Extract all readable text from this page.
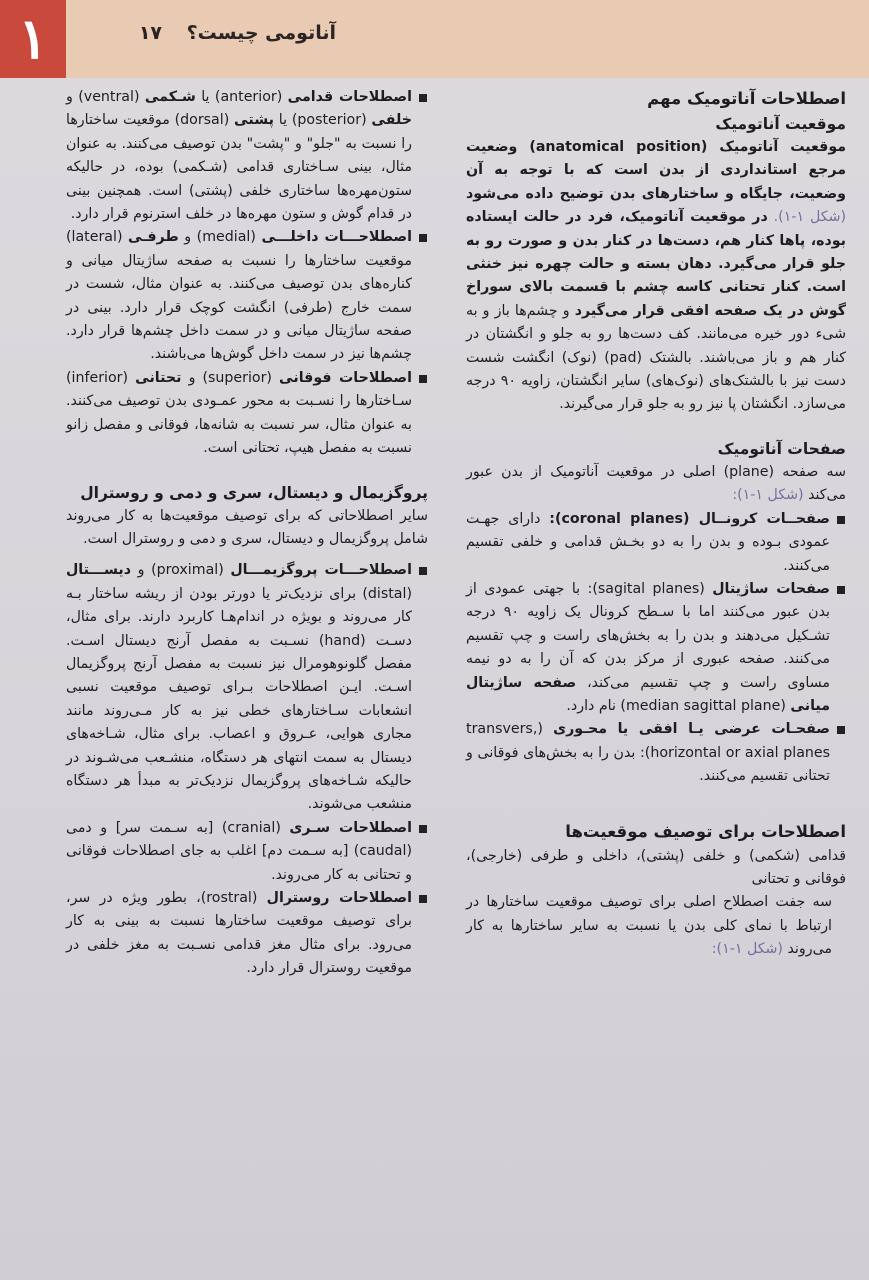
۱	آناتومی چیست؟ ۱۷

اصطلاحات آناتومیک مهم

موقعیت آناتومیک

موقعیت آناتومیک (anatomical position) وضعیت مرجع استانداردی از بدن است که با توجه به آن وضعیت، جایگاه و ساختارهای بدن توضیح داده می‌شود (شکل ۱-۱). در موقعیت آناتومیک، فرد در حالت ایستاده بوده، پاها کنار هم، دست‌ها در کنار بدن و صورت رو به جلو قرار می‌گیرد. دهان بسته و حالت چهره نیز خنثی است. کنار تحتانی کاسه چشم با قسمت بالای سوراخ گوش در یک صفحه افقی قرار می‌گیرد و چشم‌ها باز و به شیء دور خیره می‌مانند. کف دست‌ها رو به جلو و انگشتان در کنار هم و باز می‌باشند. بالشتک (pad) (نوک) انگشت شست دست نیز با بالشتک‌های (نوک‌های) سایر انگشتان، زاویه ۹۰ درجه می‌سازد. انگشتان پا نیز رو به جلو قرار می‌گیرند.

صفحات آناتومیک

سه صفحه (plane) اصلی در موقعیت آناتومیک از بدن عبور می‌کند (شکل ۱-۱):

صفحــات کرونــال (coronal planes): دارای جهـت عمودی بـوده و بدن را به دو بخـش قدامی و خلفی تقسیم می‌کنند.

صفحات ساژیتال (sagital planes): با جهتی عمودی از بدن عبور می‌کنند اما با سـطح کرونال یک زاویه ۹۰ درجه تشـکیل می‌دهند و بدن را به بخش‌های راست و چپ تقسیم می‌کنند. صفحه عبوری از مرکز بدن که آن را به دو نیمه مساوی راست و چپ تقسیم می‌کند، صفحه ساژیتال میانی (median sagittal plane) نام دارد.

صفحـات عرضی یـا افقی یا محـوری (transvers, horizontal or axial planes): بدن را به بخش‌های فوقانی و تحتانی تقسیم می‌کنند.

اصطلاحات برای توصیف موقعیت‌ها

قدامی (شکمی) و خلفی (پشتی)، داخلی و طرفی (خارجی)، فوقانی و تحتانی

سه جفت اصطلاح اصلی برای توصیف موقعیت ساختارها در ارتباط با نمای کلی بدن یا نسبت به سایر ساختارها به کار می‌روند (شکل ۱-۱):

اصطلاحات قدامی (anterior) یا شـکمی (ventral) و خلفی (posterior) یا پشتی (dorsal) موقعیت ساختارها را نسبت به "جلو" و "پشت" بدن توصیف می‌کنند. به عنوان مثال، بینی سـاختاری قدامی (شـکمی) بوده، در حالیکه ستون‌مهره‌ها ساختاری خلفی (پشتی) است. همچنین بینی در قدام گوش و ستون مهره‌ها در خلف استرنوم قرار دارد.

اصطلاحـــات داخلـــی (medial) و طرفـی (lateral) موقعیت ساختارها را نسبت به صفحه ساژیتال میانی و کناره‌های بدن توصیف می‌کنند. به عنوان مثال، شست در سمت خارج (طرفی) انگشت کوچک قرار دارد. بینی در صفحه ساژیتال میانی و در سمت داخل چشم‌ها قرار دارد. چشم‌ها نیز در سمت داخل گوش‌ها می‌باشند.

اصطلاحات فوقانی (superior) و تحتانی (inferior) سـاختارها را نسـبت به محور عمـودی بدن توصیف می‌کنند. به عنوان مثال، سر نسبت به شانه‌ها، فوقانی و مفصل زانو نسبت به مفصل هیپ، تحتانی است.

پروگزیمال و دیستال، سری و دمی و روسترال

سایر اصطلاحاتی که برای توصیف موقعیت‌ها به کار می‌روند شامل پروگزیمال و دیستال، سری و دمی و روسترال است.

اصطلاحـــات پروگزیمـــال (proximal) و دیســـتال (distal) برای نزدیک‌تر یا دورتر بودن از ریشه ساختار بـه کار می‌روند و بویژه در اندام‌هـا کاربرد دارند. برای مثال، دسـت (hand) نسـبت به مفصل آرنج دیستال اسـت. مفصل گلونوهومرال نیز نسبت به مفصل آرنج پروگزیمال اسـت. ایـن اصطلاحات بـرای توصیف موقعیت نسبی انشعابات سـاختارهای خطی نیز به کار مـی‌روند مانند مجاری هوایی، عـروق و اعصاب. برای مثال، شـاخه‌های دیستال به سمت انتهای هر دستگاه، منشـعب می‌شـوند در حالیکه شـاخه‌های پروگزیمال نزدیک‌تر به مبدأ هر دستگاه منشعب می‌شوند.

اصطلاحات سـری (cranial) [به سـمت سر] و دمی (caudal) [به سـمت دم] اغلب به جای اصطلاحات فوقانی و تحتانی به کار می‌روند.

اصطلاحات روسترال (rostral)، بطور ویژه در سر، برای توصیف موقعیت ساختارها نسبت به بینی به کار می‌رود. برای مثال مغز قدامی نسـبت به مغز خلفی در موقعیت روسترال قرار دارد.
